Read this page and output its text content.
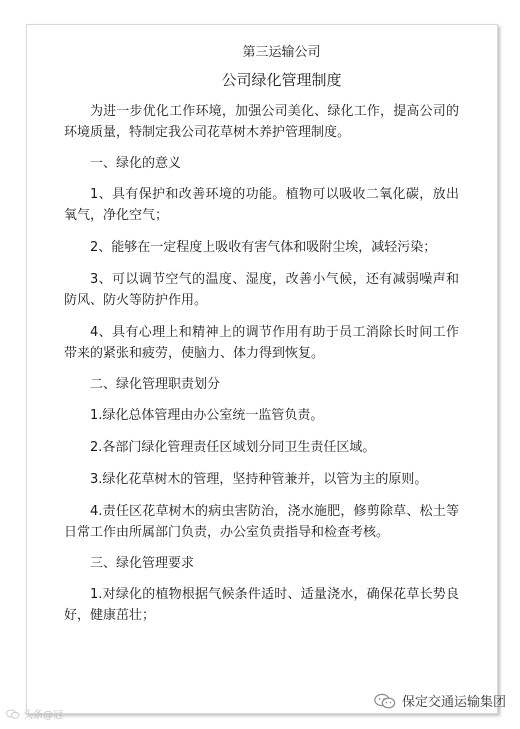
第三运输公司

公司绿化管理制度

为进一步优化工作环境，加强公司美化、绿化工作，提高公司的环境质量，特制定我公司花草树木养护管理制度。

一、绿化的意义

1、具有保护和改善环境的功能。植物可以吸收二氧化碳，放出氧气，净化空气；

2、能够在一定程度上吸收有害气体和吸附尘埃，减轻污染；

3、可以调节空气的温度、湿度，改善小气候，还有减弱噪声和防风、防火等防护作用。

4、具有心理上和精神上的调节作用有助于员工消除长时间工作带来的紧张和疲劳，使脑力、体力得到恢复。

二、绿化管理职责划分

1.绿化总体管理由办公室统一监管负责。

2.各部门绿化管理责任区域划分同卫生责任区域。

3.绿化花草树木的管理，坚持种管兼并，以管为主的原则。

4.责任区花草树木的病虫害防治，浇水施肥，修剪除草、松土等日常工作由所属部门负责，办公室负责指导和检查考核。

三、绿化管理要求

1.对绿化的植物根据气候条件适时、适量浇水，确保花草长势良好，健康茁壮；

保定交通运输集团
头条@冠
